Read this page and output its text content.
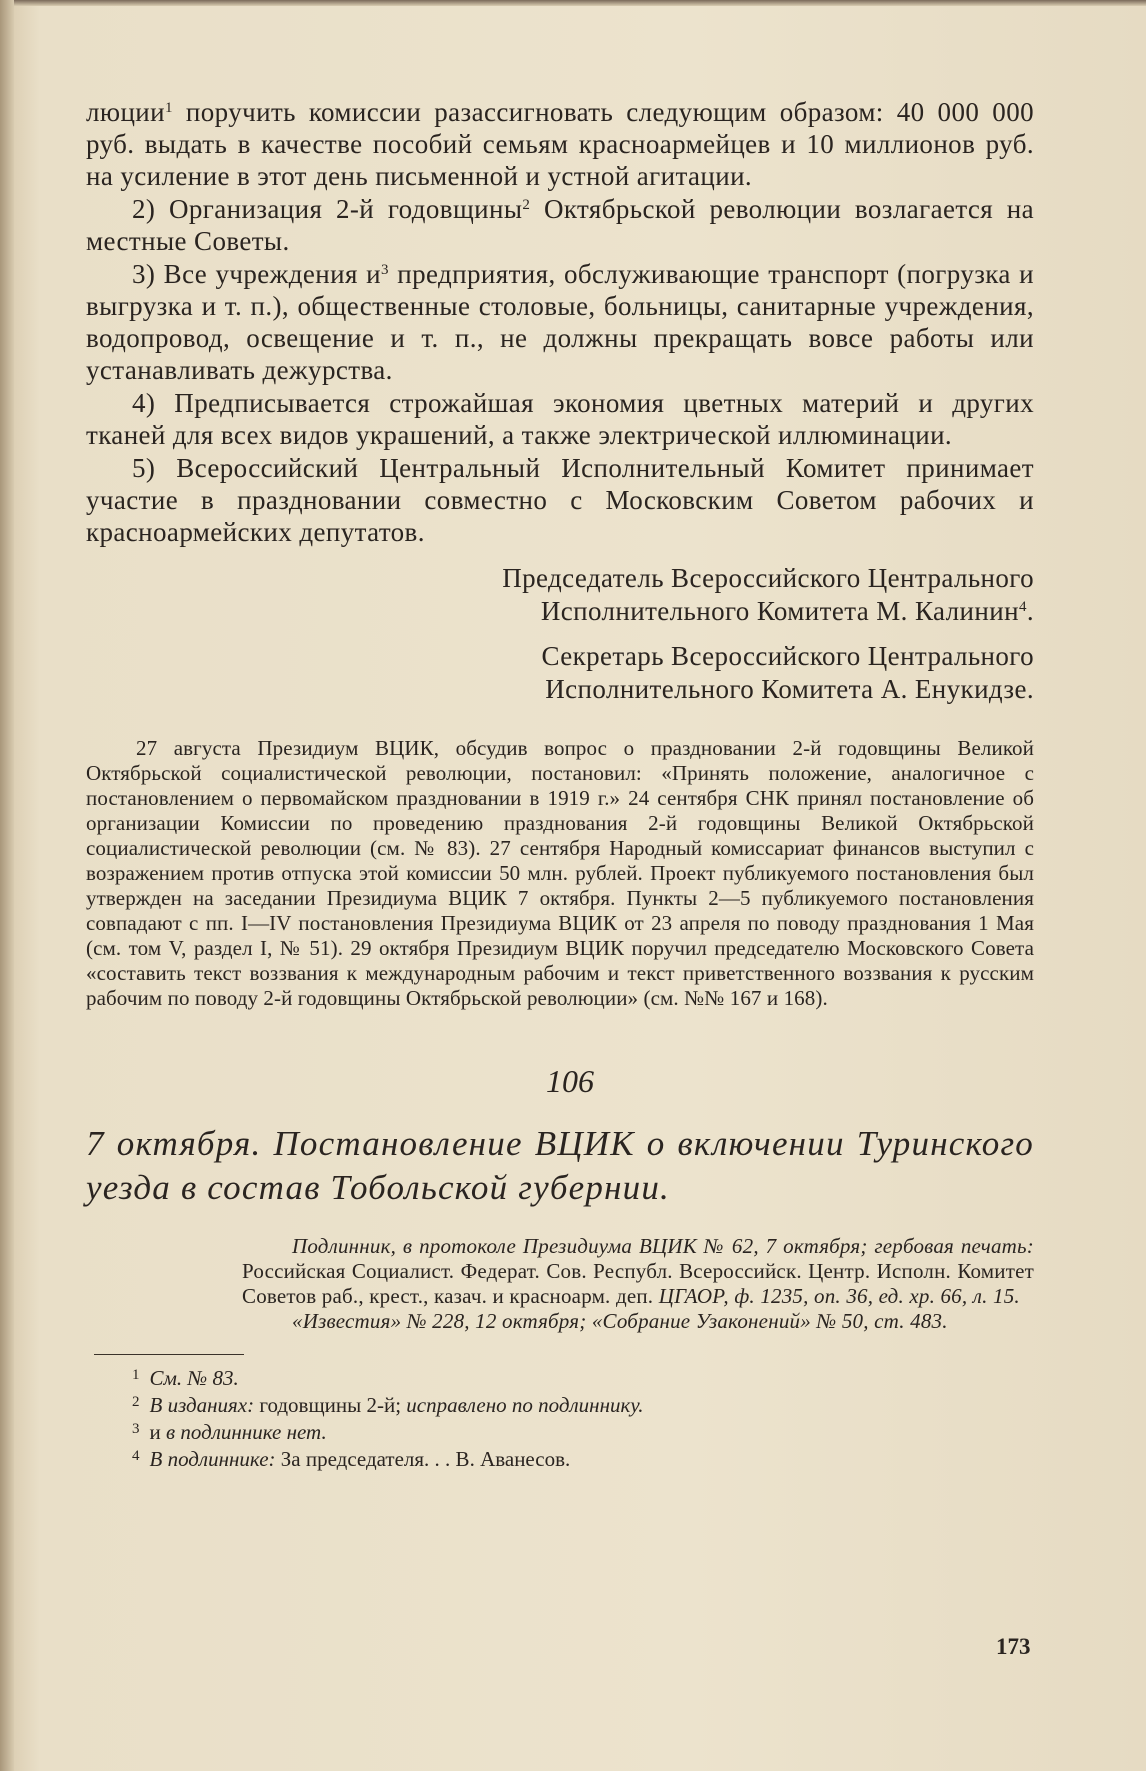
люции$^1$ поручить комиссии разассигновать следующим образом: 40 000 000 руб. выдать в качестве пособий семьям красноармейцев и 10 миллионов руб. на усиление в этот день письменной и устной агитации.

2) Организация 2-й годовщины$^2$ Октябрьской революции возлагается на местные Советы.

3) Все учреждения $и^3$ предприятия, обслуживающие транспорт (погрузка и выгрузка и т. п.), общественные столовые, больницы, санитарные учреждения, водопровод, освещение и т. п., не должны прекращать вовсе работы или устанавливать дежурства.

4) Предписывается строжайшая экономия цветных материй и других тканей для всех видов украшений, а также электрической иллюминации.

5) Всероссийский Центральный Исполнительный Комитет принимает участие в праздновании совместно с Московским Советом рабочих и красноармейских депутатов.

Председатель Всероссийского Центрального

Исполнительного Комитета М. Калинин$^4$.

Секретарь Всероссийского Центрального

Исполнительного Комитета А. Енукидзе.

27 августа Президиум ВЦИК, обсудив вопрос о праздновании 2-й годовщины Великой Октябрьской социалистической революции, постановил: «Принять положение, аналогичное с постановлением о первомайском праздновании в 1919 г.» 24 сентября СНК принял постановление об организации Комиссии по проведению празднования 2-й годовщины Великой Октябрьской социалистической революции (см. № 83). 27 сентября Народный комиссариат финансов выступил с возражением против отпуска этой комиссии 50 млн. рублей. Проект публикуемого постановления был утвержден на заседании Президиума ВЦИК 7 октября. Пункты 2—5 публикуемого постановления совпадают с пп. I—IV постановления Президиума ВЦИК от 23 апреля по поводу празднования 1 Мая (см. том V, раздел I, № 51). 29 октября Президиум ВЦИК поручил председателю Московского Совета «составить текст воззвания к международным рабочим и текст приветственного воззвания к русским рабочим по поводу 2-й годовщины Октябрьской революции» (см. №№ 167 и 168).

106

7 октября. Постановление ВЦИК о включении Туринского уезда в состав Тобольской губернии.

Подлинник, в протоколе Президиума ВЦИК № 62, 7 октября; гербовая печать: Российская Социалист. Федерат. Сов. Республ. Всероссийск. Центр. Исполн. Комитет Советов раб., крест., казач. и красноарм. деп. ЦГАОР, ф. 1235, оп. 36, ед. хр. 66, л. 15.
«Известия» № 228, 12 октября; «Собрание Узаконений» № 50, ст. 483.

$^1$ См. № 83.

$^2$ В изданиях: годовщины 2-й; исправлено по подлиннику.

$^3$ и в подлиннике нет.

$^4$ В подлиннике: За председателя. . . В. Аванесов.

173
